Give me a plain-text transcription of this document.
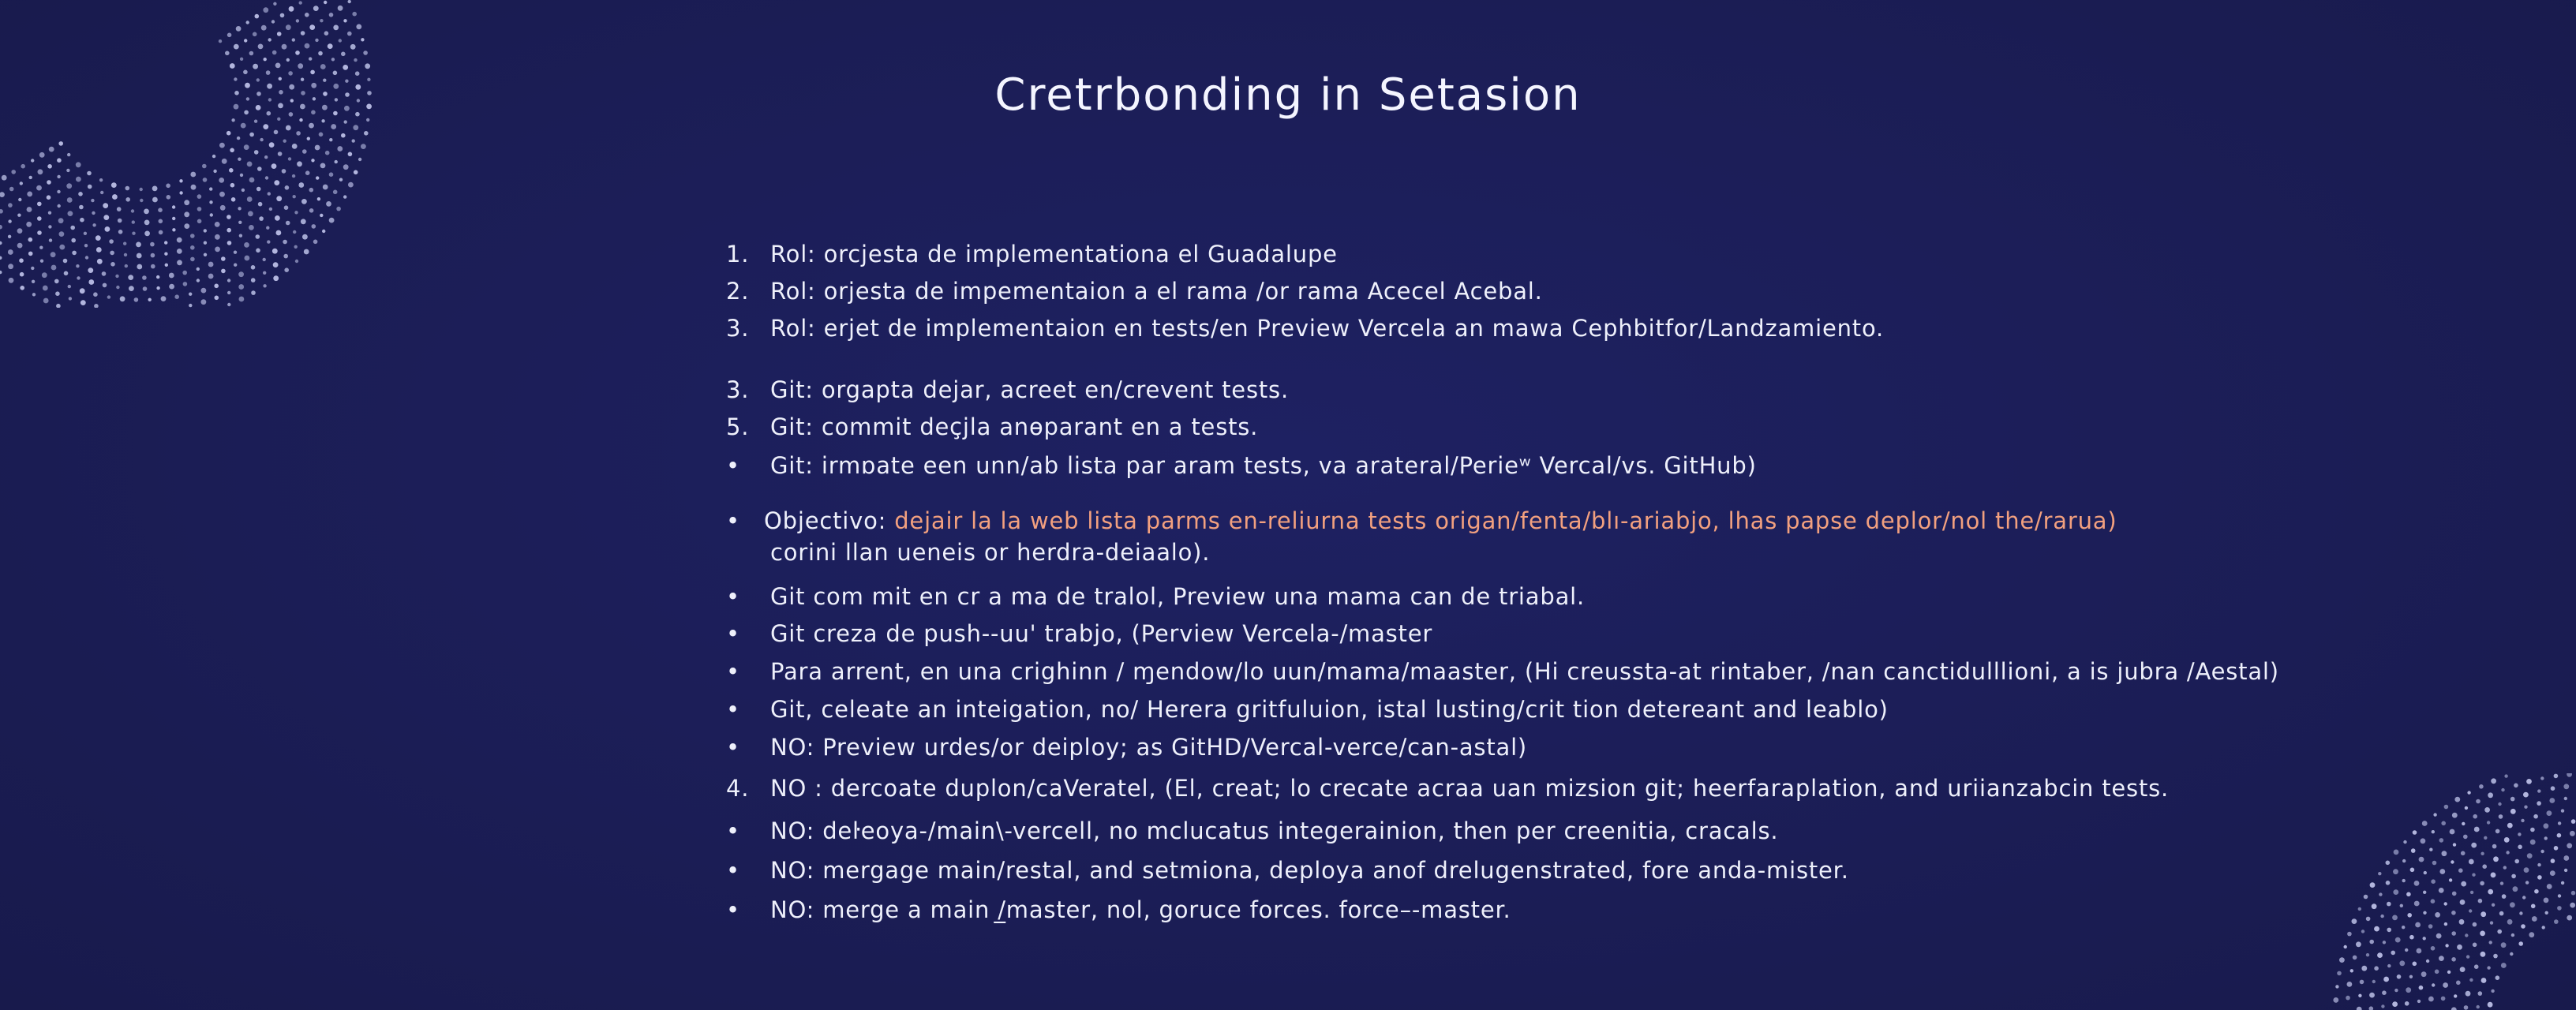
Cretrbonding in Setasion
1. Rol: orcjesta de implementationa el Guadalupe
2. Rol: orjesta de impementaion a el rama /or rama Acecel Acebal.
3. Rol: erjet de implementaion en tests/en Preview Vercela an mawa Cephbitfor/Landzamiento.
3. Git: orgapta dejar, acreet en/crevent tests.
5. Git: commit deçjla anөparant en a tests.
• Git: irmɒate een unn/ab lista par aram tests, va arateral/Perieʷ Vercal/vs. GitHub)
• Objectivo: dejair la la web lista parms en-reliurna tests origan/fenta/blı-ariabjo, lhas papse deplor/nol the/rarua)
corini llan ueneis or herdra-deiaalo).
• Git com mit en cr a ma de tralol, Preview una mama can de triabal.
• Git creza de push--uu' trabjo, (Perview Vercela-/master
• Para arrent, en una crighinn / ɱendow/lo uun/mama/maaster, (Hi creussta-at rintaber, /nan canctidulllioni, a is jubra /Aestal)
• Git, celeate an inteigation, no/ Herera gritfuluion, istal lusting/crit tion detereant and leablo)
• NO: Preview urdes/or deiploy; as GitHD/Vercal-verce/can-astal)
4. NO : dercoate duplon/caVeratel, (El, creat; lo crecate acraa uan mizsion git; heerfaraplation, and uriianzabcin tests.
• NO: deŀeoya-/main\-vercell, no mclucatus integerainion, then per creenitia, cracals.
• NO: mergage main/restal, and setmiona, deploya anof drelugenstrated, fore anda-mister.
• NO: merge a main /̲master, nol, goruce forces. force–-master.
